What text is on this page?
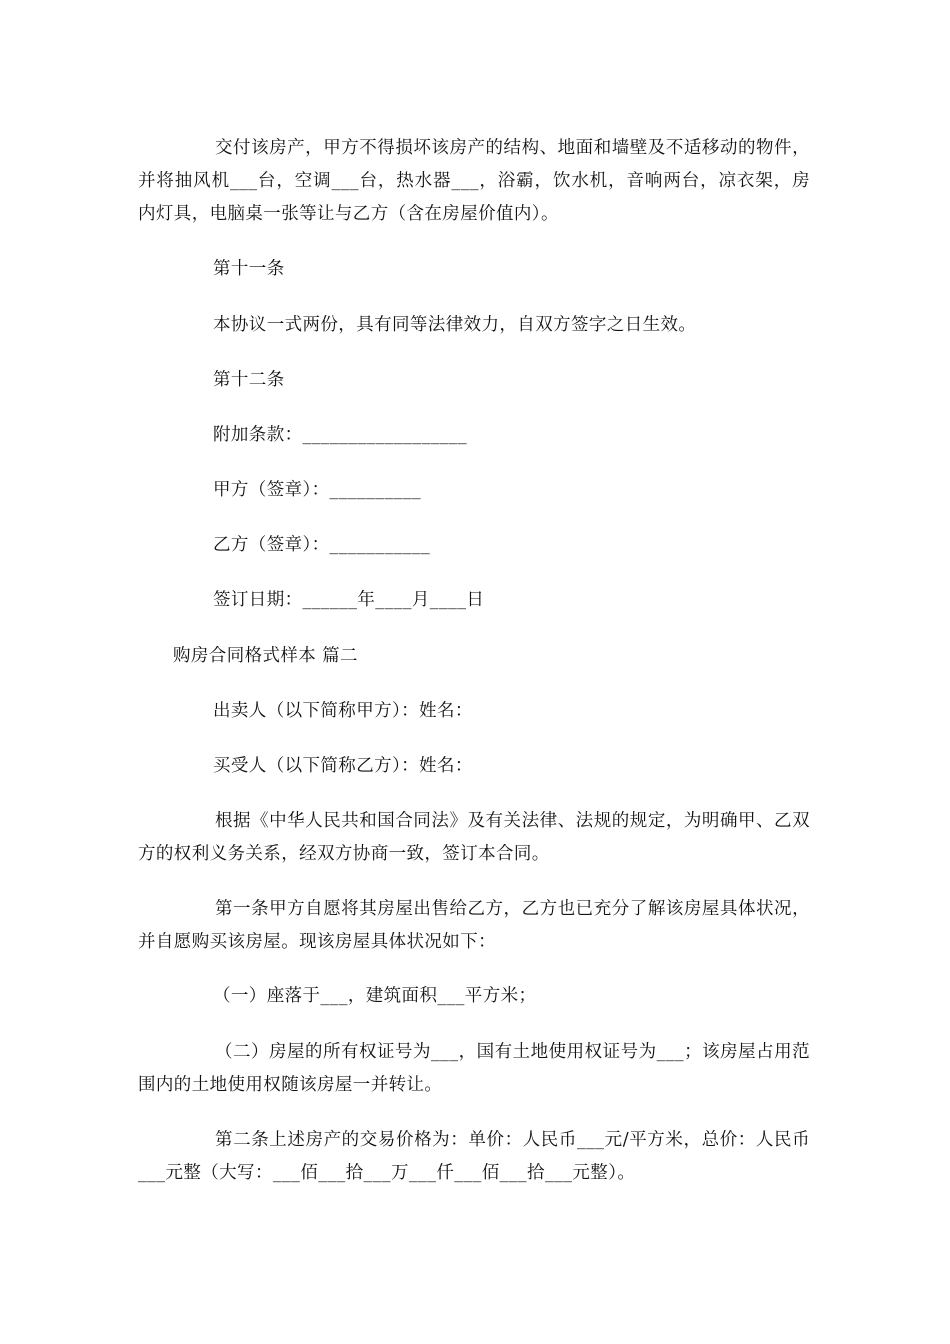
交付该房产，甲方不得损坏该房产的结构、地面和墙壁及不适移动的物件，并将抽风机___台，空调___台，热水器___，浴霸，饮水机，音响两台，凉衣架，房内灯具，电脑桌一张等让与乙方（含在房屋价值内）。

第十一条

本协议一式两份，具有同等法律效力，自双方签字之日生效。

第十二条

附加条款：__________________

甲方（签章）：__________

乙方（签章）：___________

签订日期：______年____月____日

购房合同格式样本 篇二

出卖人（以下简称甲方）：姓名：

买受人（以下简称乙方）：姓名：

根据《中华人民共和国合同法》及有关法律、法规的规定，为明确甲、乙双方的权利义务关系，经双方协商一致，签订本合同。

第一条甲方自愿将其房屋出售给乙方，乙方也已充分了解该房屋具体状况，并自愿购买该房屋。现该房屋具体状况如下：

（一）座落于___，建筑面积___平方米；

（二）房屋的所有权证号为___，国有土地使用权证号为___；该房屋占用范围内的土地使用权随该房屋一并转让。

第二条上述房产的交易价格为：单价：人民币___元/平方米，总价：人民币___元整（大写：___佰___拾___万___仟___佰___拾___元整）。
